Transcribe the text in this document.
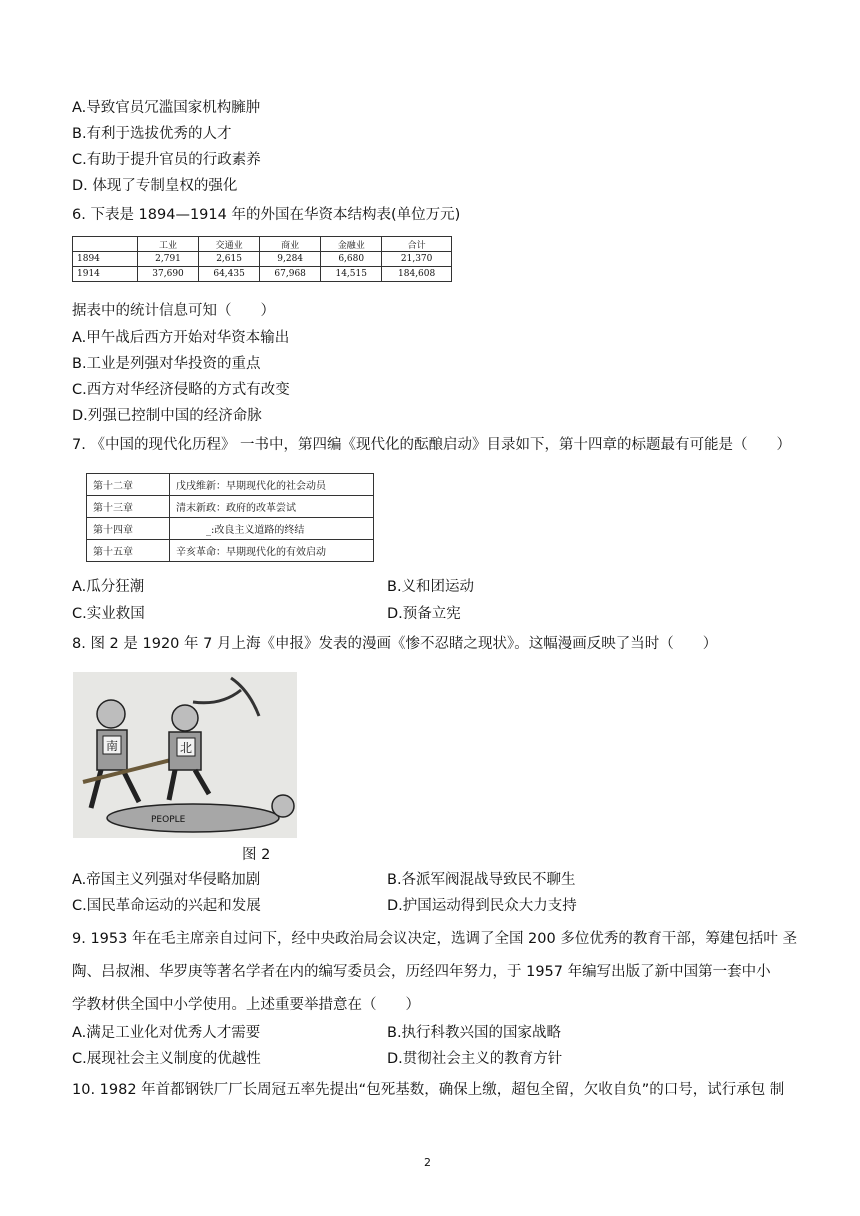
A.导致官员冗滥国家机构臃肿
B.有利于选拔优秀的人才
C.有助于提升官员的行政素养
D. 体现了专制皇权的强化
6. 下表是 1894—1914 年的外国在华资本结构表(单位万元)
	工业	交通业	商业	金融业	合计
1894	2,791	2,615	9,284	6,680	21,370
1914	37,690	64,435	67,968	14,515	184,608
据表中的统计信息可知（　　）
A.甲午战后西方开始对华资本输出
B.工业是列强对华投资的重点
C.西方对华经济侵略的方式有改变
D.列强已控制中国的经济命脉
7. 《中国的现代化历程》 一书中，第四编《现代化的酝酿启动》目录如下，第十四章的标题最有可能是（　　）
第十二章	戊戌维新：早期现代化的社会动员
第十三章	清末新政：政府的改革尝试
第十四章	　　　_:改良主义道路的终结
第十五章	辛亥革命：早期现代化的有效启动
A.瓜分狂潮	B.义和团运动
C.实业救国	D.预备立宪
8. 图 2 是 1920 年 7 月上海《申报》发表的漫画《惨不忍睹之现状》。这幅漫画反映了当时（　　）
南	北
PEOPLE
图 2
A.帝国主义列强对华侵略加剧	B.各派军阀混战导致民不聊生
C.国民革命运动的兴起和发展	D.护国运动得到民众大力支持
9. 1953 年在毛主席亲自过问下，经中央政治局会议决定，选调了全国 200 多位优秀的教育干部，筹建包括叶 圣
陶、吕叔湘、华罗庚等著名学者在内的编写委员会，历经四年努力，于 1957 年编写出版了新中国第一套中小
学教材供全国中小学使用。上述重要举措意在（　　）
A.满足工业化对优秀人才需要	B.执行科教兴国的国家战略
C.展现社会主义制度的优越性	D.贯彻社会主义的教育方针
10. 1982 年首都钢铁厂厂长周冠五率先提出“包死基数，确保上缴，超包全留，欠收自负”的口号，试行承包 制
2
